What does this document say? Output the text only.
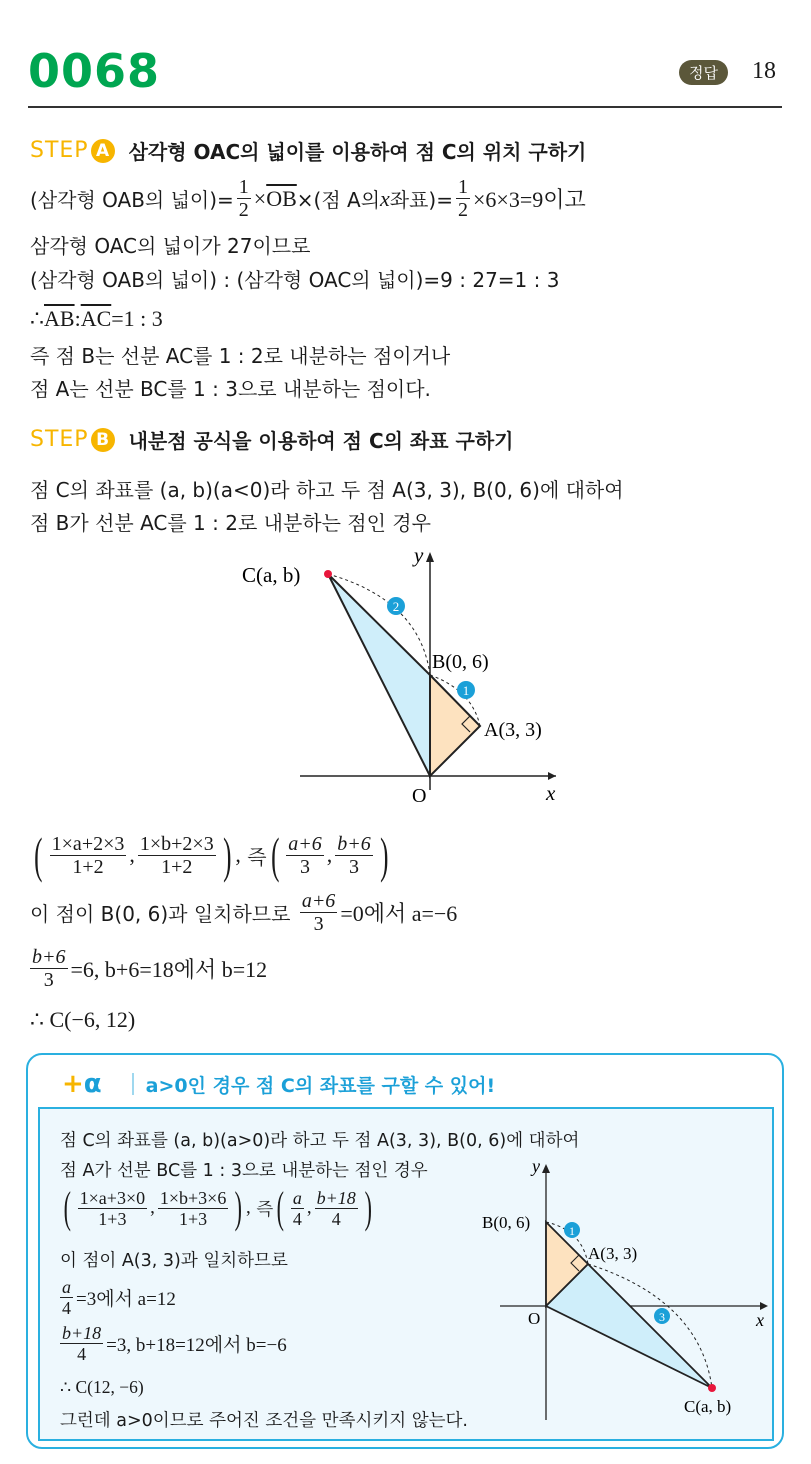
0068	정답	18
STEP A 삼각형 OAC의 넓이를 이용하여 점 C의 위치 구하기
(삼각형 OAB의 넓이)= $\frac{1}{2} \times \overline{OB}$ ×(점 A의 x 좌표)= $\frac{1}{2} \times 6\times 3=9$이고
삼각형 OAC의 넓이가 27이므로
(삼각형 OAB의 넓이) : (삼각형 OAC의 넓이)=9 : 27=1 : 3
∴ $\overline{AB}$ : $\overline{AC} =1$ : 3
즉 점 B는 선분 AC를 1 : 2로 내분하는 점이거나
점 A는 선분 BC를 1 : 3으로 내분하는 점이다.
STEP B 내분점 공식을 이용하여 점 C의 좌표 구하기
점 C의 좌표를 (a, b)(a<0)라 하고 두 점 A(3, 3), B(0, 6)에 대하여
점 B가 선분 AC를 1 : 2로 내분하는 점인 경우
2
1
C(a, b)
B(0, 6)
A(3, 3)
O	x
y
( 1×a+2×3
1+2 , 1×b+2×3
1+2 ) ,
즉 ( a+6
3 , b+6
3 )
이 점이 B(0, 6)과 일치하므로
$\frac{a+6}{3} =0$에서 a=−6
$\frac{b+6}{3} =6$, b+6=18에서 b=12
∴ C(−6, 12)
+ α a>0인 경우 점 C의 좌표를 구할 수 있어!
점 C의 좌표를 (a, b)(a>0)라 하고 두 점 A(3, 3), B(0, 6)에 대하여
점 A가 선분 BC를 1 : 3으로 내분하는 점인 경우
( 1×a+3×0
1+3
, 1×b+3×6
1+3 ) ,
즉 ( a
4
, b+18
4 )
이 점이 A(3, 3)과 일치하므로
$\frac{a}{4} =3$에서 a=12
$\frac{b+18}{4} =3$, b+18=12에서 b=−6
∴ C(12, −6)
그런데 a>0이므로 주어진 조건을 만족시키지 않는다.
1
3
B(0, 6)
A(3, 3)
O	x
y
C(a, b)
